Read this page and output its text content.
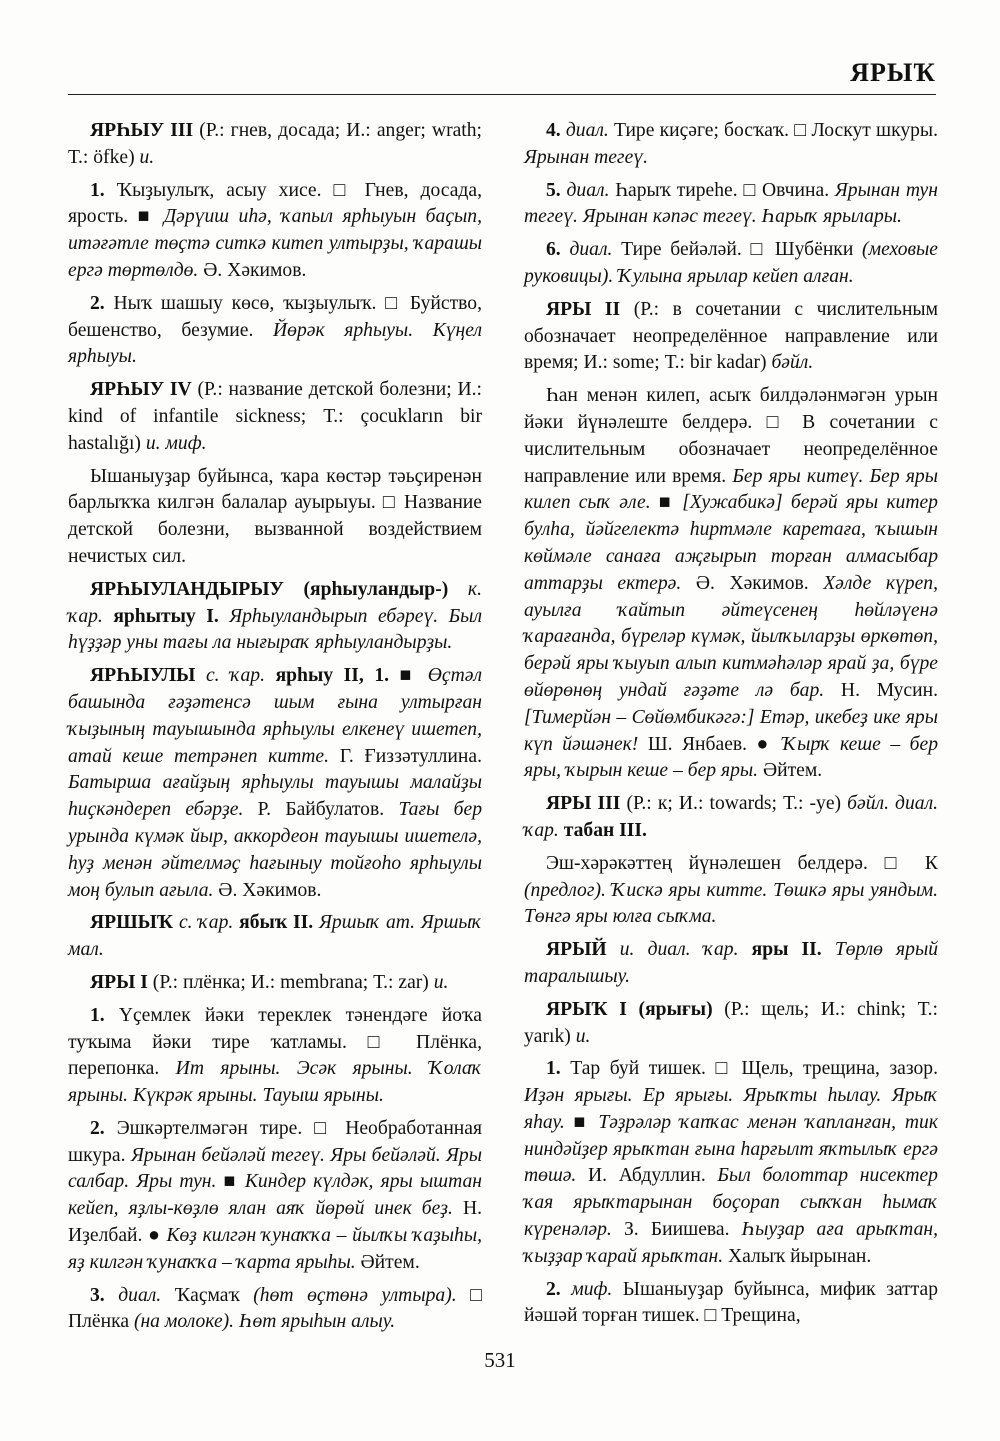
ЯРЫҠ

ЯРҺЫУ III (Р.: гнев, досада; И.: anger; wrath; Т.: öfke) и.

1. Ҡыҙыулыҡ, асыу хисе. □ Гнев, досада, ярость. ■ Дәрүиш иһә, ҡапыл ярһыуын баҫып, итәғәтле төҫтә ситкә китеп ултырҙы, ҡарашы ергә төртөлдө. Ә. Хәкимов.

2. Ныҡ шашыу көсө, ҡыҙыулыҡ. □ Буйство, бешенство, безумие. Йөрәк ярһыуы. Күңел ярһыуы.

ЯРҺЫУ IV (Р.: название детской болезни; И.: kind of infantile sickness; Т.: çocukların bir hastalığı) и. миф.

Ышаныуҙар буйынса, ҡара көстәр тәьҫиренән барлыҡҡа килгән балалар ауырыуы. □ Название детской болезни, вызванной воздействием нечистых сил.

ЯРҺЫУЛАНДЫРЫУ (ярһыуландыр-) к. ҡар. ярһытыу I. Ярһыуландырып ебәреү. Был һүҙҙәр уны тағы ла нығыраҡ ярһыуландырҙы.

ЯРҺЫУЛЫ с. ҡар. ярһыу II, 1. ■ Өҫтәл башында ғәҙәтенсә шым ғына ултырған ҡыҙының тауышында ярһыулы елкенеү ишетеп, атай кеше тетрәнеп китте. Г. Ғиззәтуллина. Батырша ағайҙың ярһыулы тауышы малайҙы һиҫкәндереп ебәрҙе. Р. Байбулатов. Тағы бер урында күмәк йыр, аккордеон тауышы ишетелә, һуҙ менән әйтелмәҫ һағыныу тойғоһо ярһыулы моң булып ағыла. Ә. Хәкимов.

ЯРШЫҠ с. ҡар. ябыҡ II. Яршыҡ ат. Яршыҡ мал.

ЯРЫ I (Р.: плёнка; И.: membrana; Т.: zar) и.

1. Үҫемлек йәки тереклек тәнендәге йоҡа туҡыма йәки тире ҡатламы. □ Плёнка, перепонка. Ит ярыны. Эсәк ярыны. Ҡолаҡ ярыны. Күкрәк ярыны. Тауыш ярыны.

2. Эшкәртелмәгән тире. □ Необработанная шкура. Ярынан бейәләй тегеү. Яры бейәләй. Яры салбар. Яры тун. ■ Киндер күлдәк, яры ыштан кейеп, яҙлы-көҙлө ялан аяҡ йөрөй инек беҙ. Н. Иҙелбай. ● Көҙ килгән ҡунаҡҡа – йылҡы ҡаҙыһы, яҙ килгән ҡунаҡҡа – ҡарта ярыһы. Әйтем.

3. диал. Ҡаҫмаҡ (һөт өҫтөнә ултыра). □ Плёнка (на молоке). Һөт ярыһын алыу.

4. диал. Тире киҫәге; босҡаҡ. □ Лоскут шкуры. Ярынан тегеү.

5. диал. Һарыҡ тиреһе. □ Овчина. Ярынан тун тегеү. Ярынан кәпәс тегеү. Һарыҡ ярылары.

6. диал. Тире бейәләй. □ Шубёнки (меховые руковицы). Ҡулына ярылар кейеп алған.

ЯРЫ II (Р.: в сочетании с числительным обозначает неопределённое направление или время; И.: some; Т.: bir kadar) бәйл.

Һан менән килеп, асыҡ билдәләнмәгән урын йәки йүнәлеште белдерә. □ В сочетании с числительным обозначает неопределённое направление или время. Бер яры китеү. Бер яры килеп сыҡ әле. ■ [Хужабикә] берәй яры китер булһа, йәйгелектә һиртмәле каретаға, ҡышын көймәле санаға аҗғырып торған алмасыбар аттарҙы ектерә. Ә. Хәкимов. Хәлде күреп, ауылға ҡайтып әйтеүсенең һөйләүенә ҡарағанда, бүреләр күмәк, йылҡыларҙы өркөтөп, берәй яры ҡыуып алып китмәһәләр ярай ҙа, бүре өйөрөнөң ундай ғәҙәте лә бар. Н. Мусин. [Тимерйән – Сөйөмбикәгә:] Етәр, икебеҙ ике яры күп йәшәнек! Ш. Янбаев. ● Ҡырҡ кеше – бер яры, ҡырын кеше – бер яры. Әйтем.

ЯРЫ III (Р.: к; И.: towards; Т.: -ye) бәйл. диал. ҡар. табан III.

Эш-хәрәкәттең йүнәлешен белдерә. □ К (предлог). Ҡискә яры китте. Төшкә яры уяндым. Төнгә яры юлға сыҡма.

ЯРЫЙ и. диал. ҡар. яры II. Төрлө ярый таралышыу.

ЯРЫҠ I (ярығы) (Р.: щель; И.: chink; Т.: yarık) и.

1. Тар буй тишек. □ Щель, трещина, зазор. Иҙән ярығы. Ер ярығы. Ярыҡты һылау. Ярыҡ яһау. ■ Тәҙрәләр ҡапҡас менән ҡапланған, тик ниндәйҙер ярыҡтан ғына һарғылт яҡтылыҡ ергә төшә. И. Абдуллин. Был болоттар нисектер ҡая ярыҡтарынан боҫорап сыҡҡан һымаҡ күренәләр. З. Биишева. Һыуҙар аға арыҡтан, ҡыҙҙар ҡарай ярыҡтан. Халыҡ йырынан.

2. миф. Ышаныуҙар буйынса, мифик заттар йәшәй торған тишек. □ Трещина,

531
